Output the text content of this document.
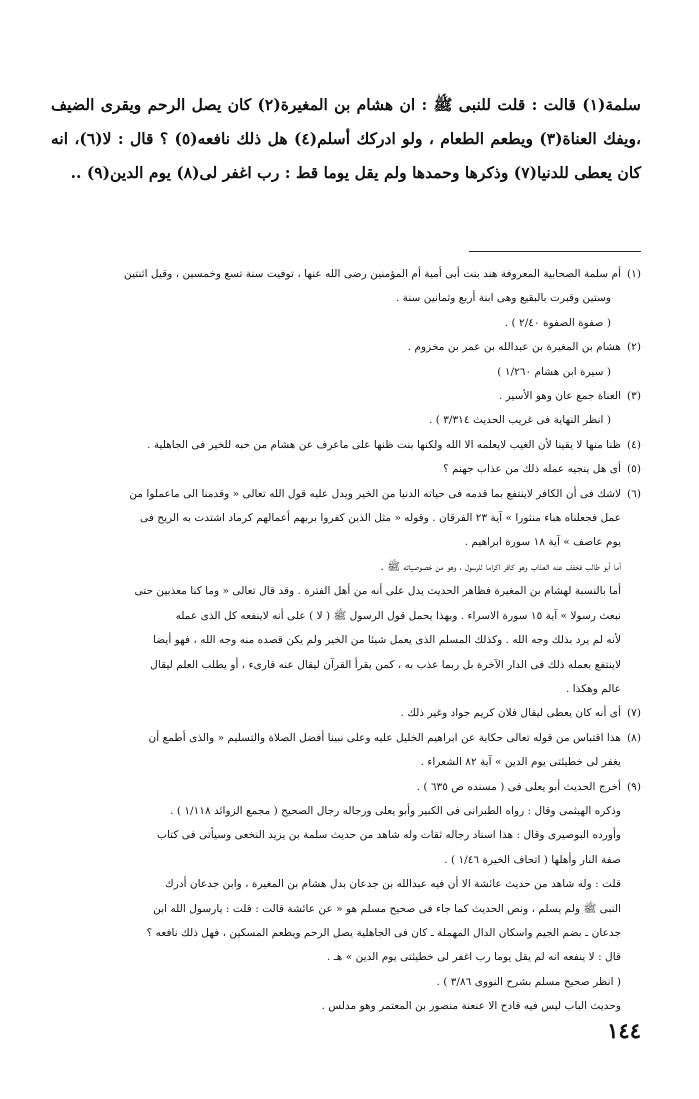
سلمة(١) قالت : قلت للنبى ﷺ : ان هشام بن المغيرة(٢) كان يصل الرحم ويقرى الضيف ،ويفك العناة(٣) ويطعم الطعام ، ولو ادركك أسلم(٤) هل ذلك نافعه(٥) ؟ قال : لا(٦)، انه كان يعطى للدنيا(٧) وذكرها وحمدها ولم يقل يوما قط : رب اغفر لى(٨) يوم الدين(٩) ..

(١)
أم سلمة الصحابية المعروفة هند بنت أبى أمية أم المؤمنين رضى الله عنها ، توفيت سنة تسع وخمسين ، وقيل اثنتين
وستين وقبرت بالبقيع وهى ابنة أربع وثمانين سنة .
( صفوة الصفوة ٢/٤٠ ) .
(٢)
هشام بن المغيرة بن عبدالله بن عمر بن مخزوم .
( سيرة ابن هشام ١/٢٦٠ )
(٣)
العناة جمع عان وهو الأسير .
( انظر النهاية فى غريب الحديث ٣/٣١٤ ) .
(٤)
ظنا منها لا يقينا لأن الغيب لايعلمه الا الله ولكنها بنت ظنها على ماعرف عن هشام من حبه للخير فى الجاهلية .
(٥)
أى هل ينجيه عمله ذلك من عذاب جهنم ؟
(٦)
لاشك فى أن الكافر لاينتفع بما قدمه فى حياته الدنيا من الخير ويدل عليه قول الله تعالى « وقدمنا الى ماعملوا من
عمل فجعلناه هباء منثورا » آية ٢٣ الفرقان . وقوله « مثل الذين كفروا بربهم أعمالهم كرماد اشتدت به الريح فى
يوم عاصف » آية ١٨ سورة ابراهيم .
أما أبو طالب فخفف عنه العذاب وهو كافر اكراما للرسول ، وهو من خصوصياته ﷺ .
أما بالنسبة لهشام بن المغيرة فظاهر الحديث يدل على أنه من أهل الفترة . وقد قال تعالى « وما كنا معذبين حتى
نبعث رسولا » آية ١٥ سورة الاسراء . وبهذا يحمل قول الرسول ﷺ ( لا ) على أنه لاينفعه كل الذى عمله
لأنه لم يرد بذلك وجه الله . وكذلك المسلم الذى يعمل شيئا من الخير ولم يكن قصده منه وجه الله ، فهو أيضا
لاينتفع بعمله ذلك فى الدار الآخرة بل ربما عذب به ، كمن يقرأ القرآن ليقال عنه قارىء ، أو يطلب العلم ليقال
عالم وهكذا .
(٧)
أى أنه كان يعطى ليقال فلان كريم جواد وغير ذلك .
(٨)
هذا اقتباس من قوله تعالى حكاية عن ابراهيم الخليل عليه وعلى نبينا أفضل الصلاة والتسليم « والذى أطمع أن
يغفر لى خطيئتى يوم الدين » آية ٨٢ الشعراء .
(٩)
أخرج الحديث أبو يعلى فى ( مسنده ص ٦٣٥ ) .
وذكره الهيثمى وقال : رواه الطبرانى فى الكبير وأبو يعلى ورجاله رجال الصحيح ( مجمع الزوائد ١/١١٨ ) .
وأورده البوصيرى وقال : هذا اسناد رجاله ثقات وله شاهد من حديث سلمة بن يزيد النخعى وسيأتى فى كتاب
صفة النار وأهلها ( اتحاف الخيرة ١/٤٦ ) .
قلت : وله شاهد من حديث عائشة الا أن فيه عبدالله بن جدعان بدل هشام بن المغيرة ، وابن جدعان أدرك
النبى ﷺ ولم يسلم ، ونص الحديث كما جاء فى صحيح مسلم هو « عن عائشة قالت : قلت : يارسول الله ابن
جدعان ـ بضم الجيم واسكان الدال المهملة ـ كان فى الجاهلية يصل الرحم ويطعم المسكين ، فهل ذلك نافعه ؟
قال : لا ينفعه انه لم يقل يوما رب اغفر لى خطيئتى يوم الدين » هـ .
( انظر صحيح مسلم بشرح النووى ٣/٨٦ ) .
وحديث الباب ليس فيه قادح الا عنعنة منصور بن المعتمر وهو مدلس .
١٤٤
